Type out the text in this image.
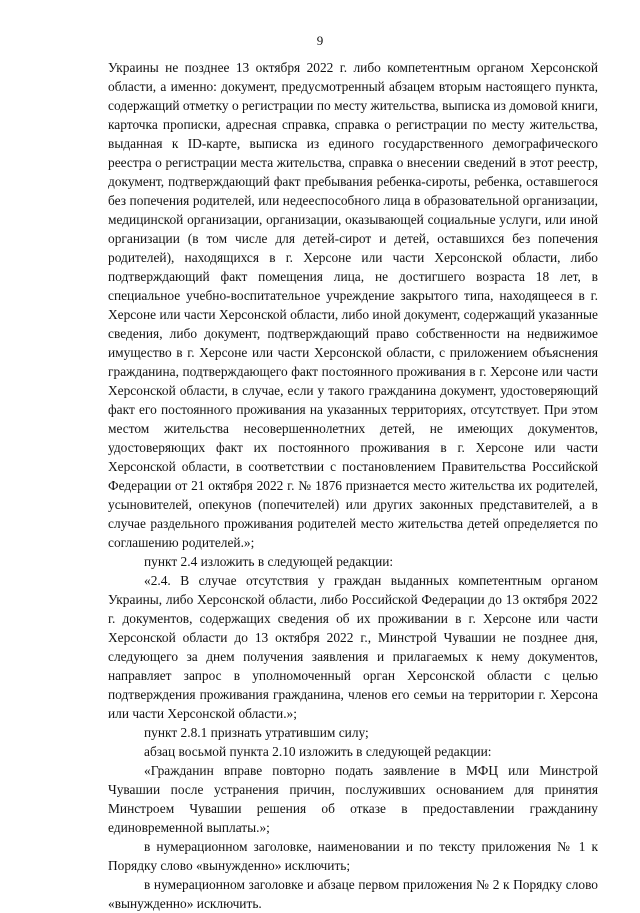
9

Украины не позднее 13 октября 2022 г. либо компетентным органом Херсонской области, а именно: документ, предусмотренный абзацем вторым настоящего пункта, содержащий отметку о регистрации по месту жительства, выписка из домовой книги, карточка прописки, адресная справка, справка о регистрации по месту жительства, выданная к ID-карте, выписка из единого государственного демографического реестра о регистрации места жительства, справка о внесении сведений в этот реестр, документ, подтверждающий факт пребывания ребенка-сироты, ребенка, оставшегося без попечения родителей, или недееспособного лица в образовательной организации, медицинской организации, организации, оказывающей социальные услуги, или иной организации (в том числе для детей-сирот и детей, оставшихся без попечения родителей), находящихся в г. Херсоне или части Херсонской области, либо подтверждающий факт помещения лица, не достигшего возраста 18 лет, в специальное учебно-воспитательное учреждение закрытого типа, находящееся в г. Херсоне или части Херсонской области, либо иной документ, содержащий указанные сведения, либо документ, подтверждающий право собственности на недвижимое имущество в г. Херсоне или части Херсонской области, с приложением объяснения гражданина, подтверждающего факт постоянного проживания в г. Херсоне или части Херсонской области, в случае, если у такого гражданина документ, удостоверяющий факт его постоянного проживания на указанных территориях, отсутствует. При этом местом жительства несовершеннолетних детей, не имеющих документов, удостоверяющих факт их постоянного проживания в г. Херсоне или части Херсонской области, в соответствии с постановлением Правительства Российской Федерации от 21 октября 2022 г. № 1876 признается место жительства их родителей, усыновителей, опекунов (попечителей) или других законных представителей, а в случае раздельного проживания родителей место жительства детей определяется по соглашению родителей.»;

пункт 2.4 изложить в следующей редакции:

«2.4. В случае отсутствия у граждан выданных компетентным органом Украины, либо Херсонской области, либо Российской Федерации до 13 октября 2022 г. документов, содержащих сведения об их проживании в г. Херсоне или части Херсонской области до 13 октября 2022 г., Минстрой Чувашии не позднее дня, следующего за днем получения заявления и прилагаемых к нему документов, направляет запрос в уполномоченный орган Херсонской области с целью подтверждения проживания гражданина, членов его семьи на территории г. Херсона или части Херсонской области.»;

пункт 2.8.1 признать утратившим силу;

абзац восьмой пункта 2.10 изложить в следующей редакции:

«Гражданин вправе повторно подать заявление в МФЦ или Минстрой Чувашии после устранения причин, послуживших основанием для принятия Минстроем Чувашии решения об отказе в предоставлении гражданину единовременной выплаты.»;

в нумерационном заголовке, наименовании и по тексту приложения № 1 к Порядку слово «вынужденно» исключить;

в нумерационном заголовке и абзаце первом приложения № 2 к Порядку слово «вынужденно» исключить.
